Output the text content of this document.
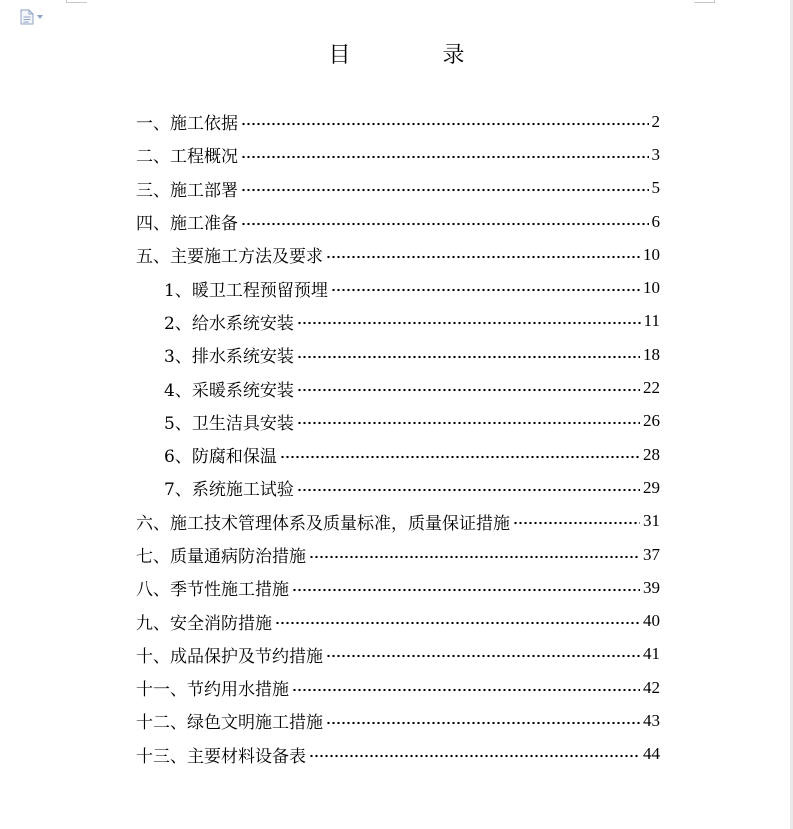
目	录
一、施工依据	2
二、工程概况	3
三、施工部署	5
四、施工准备	6
五、主要施工方法及要求	10
1、暖卫工程预留预埋	10
2、给水系统安装	11
3、排水系统安装	18
4、采暖系统安装	22
5、卫生洁具安装	26
6、防腐和保温	28
7、系统施工试验	29
六、施工技术管理体系及质量标准，质量保证措施	31
七、质量通病防治措施	37
八、季节性施工措施	39
九、安全消防措施	40
十、成品保护及节约措施	41
十一、节约用水措施	42
十二、绿色文明施工措施	43
十三、主要材料设备表	44
